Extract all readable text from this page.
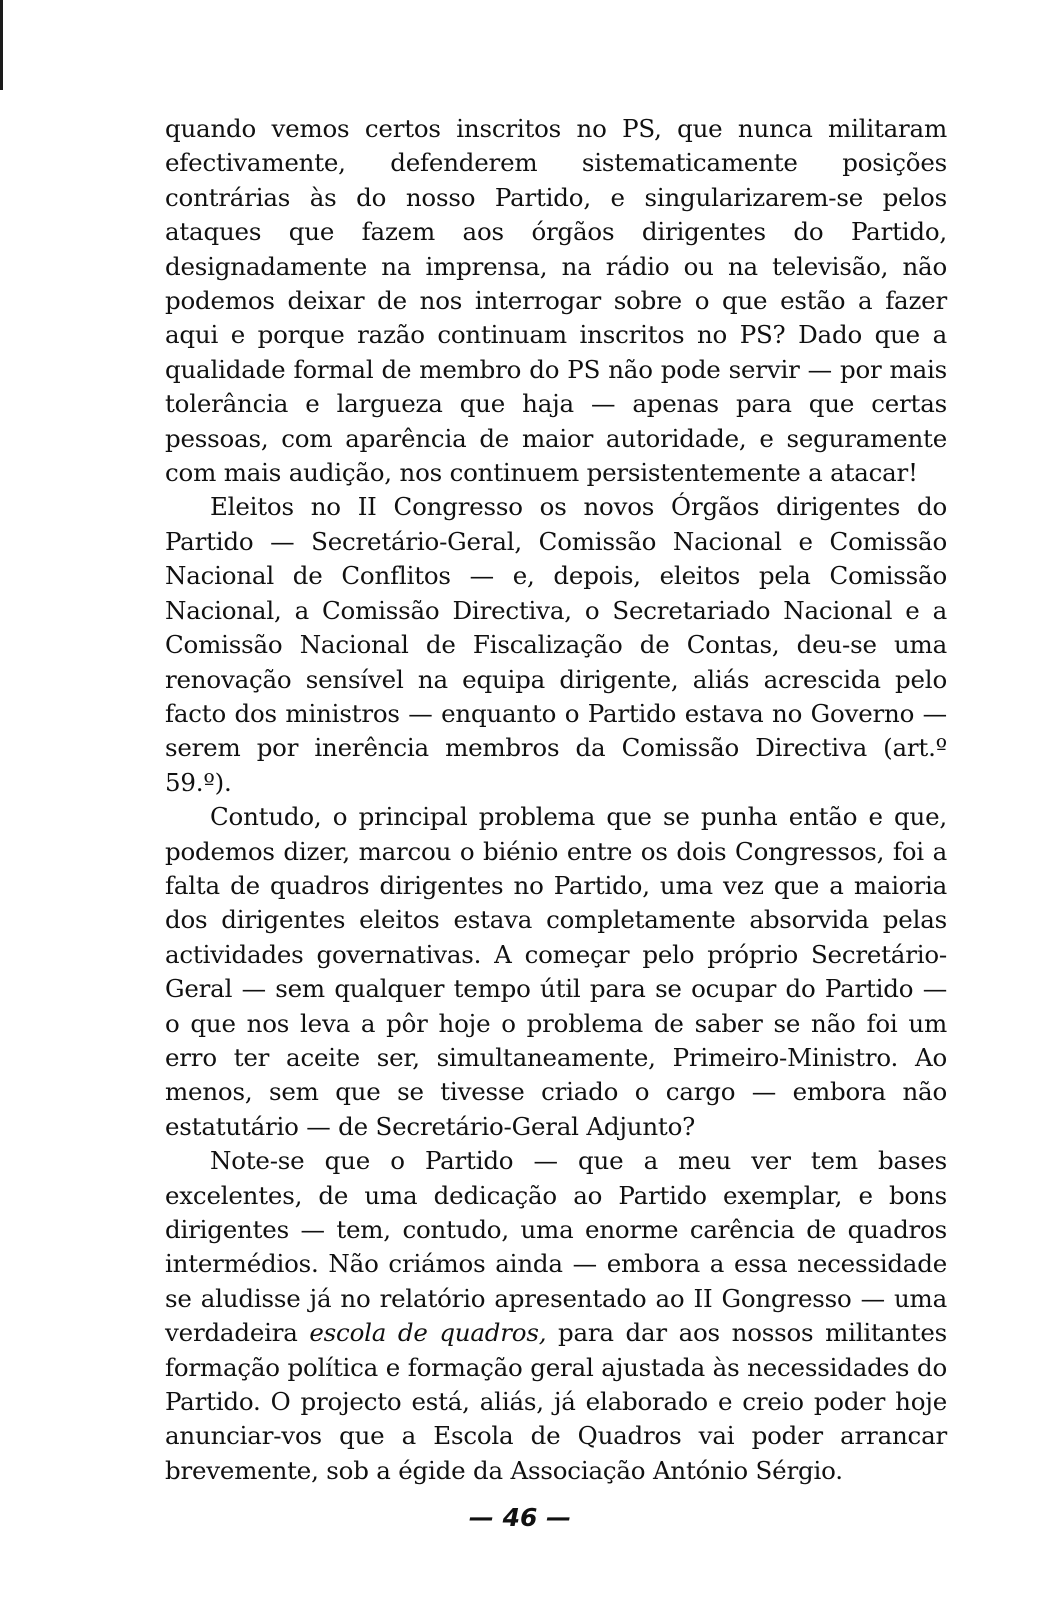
quando vemos certos inscritos no PS, que nunca militaram efectivamente, defenderem sistematicamente posições contrárias às do nosso Partido, e singularizarem-se pelos ataques que fazem aos órgãos dirigentes do Partido, designadamente na imprensa, na rádio ou na televisão, não podemos deixar de nos interrogar sobre o que estão a fazer aqui e porque razão continuam inscritos no PS? Dado que a qualidade formal de membro do PS não pode servir — por mais tolerância e largueza que haja — apenas para que certas pessoas, com aparência de maior autoridade, e seguramente com mais audição, nos continuem persistentemente a atacar!

Eleitos no II Congresso os novos Órgãos dirigentes do Partido — Secretário-Geral, Comissão Nacional e Comissão Nacional de Conflitos — e, depois, eleitos pela Comissão Nacional, a Comissão Directiva, o Secretariado Nacional e a Comissão Nacional de Fiscalização de Contas, deu-se uma renovação sensível na equipa dirigente, aliás acrescida pelo facto dos ministros — enquanto o Partido estava no Governo — serem por inerência membros da Comissão Directiva (art.º 59.º).

Contudo, o principal problema que se punha então e que, podemos dizer, marcou o biénio entre os dois Congressos, foi a falta de quadros dirigentes no Partido, uma vez que a maioria dos dirigentes eleitos estava completamente absorvida pelas actividades governativas. A começar pelo próprio Secretário-Geral — sem qualquer tempo útil para se ocupar do Partido — o que nos leva a pôr hoje o problema de saber se não foi um erro ter aceite ser, simultaneamente, Primeiro-Ministro. Ao menos, sem que se tivesse criado o cargo — embora não estatutário — de Secretário-Geral Adjunto?

Note-se que o Partido — que a meu ver tem bases excelentes, de uma dedicação ao Partido exemplar, e bons dirigentes — tem, contudo, uma enorme carência de quadros intermédios. Não criámos ainda — embora a essa necessidade se aludisse já no relatório apresentado ao II Gongresso — uma verdadeira escola de quadros, para dar aos nossos militantes formação política e formação geral ajustada às necessidades do Partido. O projecto está, aliás, já elaborado e creio poder hoje anunciar-vos que a Escola de Quadros vai poder arrancar brevemente, sob a égide da Associação António Sérgio.

— 46 —
